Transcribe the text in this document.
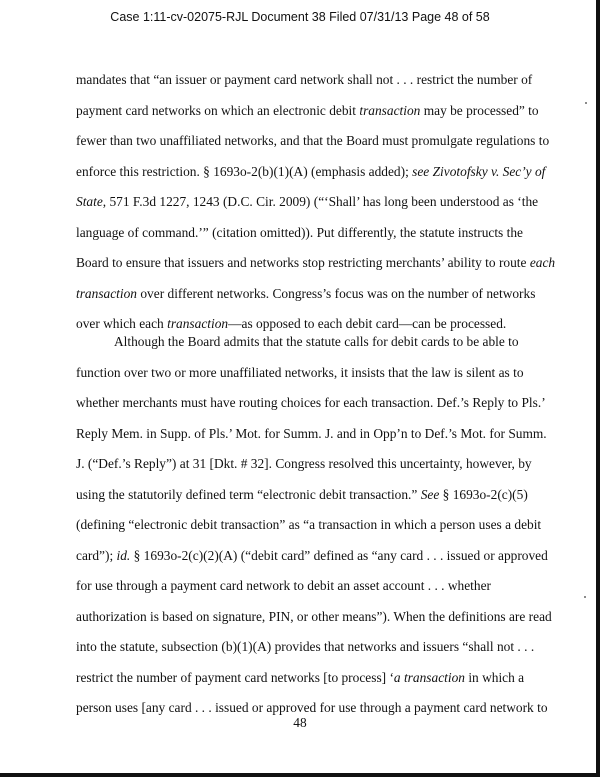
Case 1:11-cv-02075-RJL Document 38 Filed 07/31/13 Page 48 of 58
mandates that “an issuer or payment card network shall not . . . restrict the number of
payment card networks on which an electronic debit transaction may be processed” to
fewer than two unaffiliated networks, and that the Board must promulgate regulations to
enforce this restriction. § 1693o-2(b)(1)(A) (emphasis added); see Zivotofsky v. Sec’y of
State, 571 F.3d 1227, 1243 (D.C. Cir. 2009) (“‘Shall’ has long been understood as ‘the
language of command.’” (citation omitted)). Put differently, the statute instructs the
Board to ensure that issuers and networks stop restricting merchants’ ability to route each
transaction over different networks. Congress’s focus was on the number of networks
over which each transaction—as opposed to each debit card—can be processed.
Although the Board admits that the statute calls for debit cards to be able to
function over two or more unaffiliated networks, it insists that the law is silent as to
whether merchants must have routing choices for each transaction. Def.’s Reply to Pls.’
Reply Mem. in Supp. of Pls.’ Mot. for Summ. J. and in Opp’n to Def.’s Mot. for Summ.
J. (“Def.’s Reply”) at 31 [Dkt. # 32]. Congress resolved this uncertainty, however, by
using the statutorily defined term “electronic debit transaction.” See § 1693o-2(c)(5)
(defining “electronic debit transaction” as “a transaction in which a person uses a debit
card”); id. § 1693o-2(c)(2)(A) (“debit card” defined as “any card . . . issued or approved
for use through a payment card network to debit an asset account . . . whether
authorization is based on signature, PIN, or other means”). When the definitions are read
into the statute, subsection (b)(1)(A) provides that networks and issuers “shall not . . .
restrict the number of payment card networks [to process] ‘a transaction in which a
person uses [any card . . . issued or approved for use through a payment card network to
48
